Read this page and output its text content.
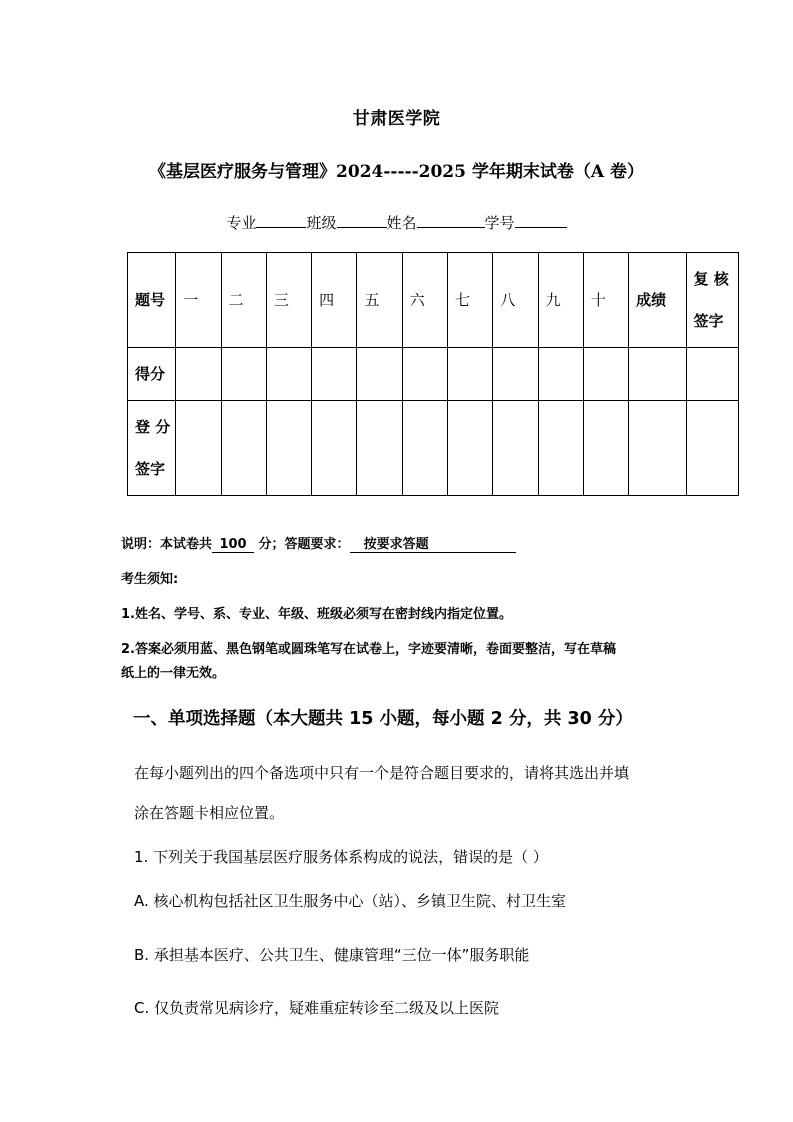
甘肃医学院
《基层医疗服务与管理》2024-----2025 学年期末试卷（A 卷）
专业	班级	姓名	学号
题号	一	二	三	四	五	六	七	八	九	十	成绩	复 核
签字

得分												

登 分
签字												

说明：本试卷共 100 分；答题要求： 按要求答题
考生须知:
1.姓名、学号、系、专业、年级、班级必须写在密封线内指定位置。
2.答案必须用蓝、黑色钢笔或圆珠笔写在试卷上，字迹要清晰，卷面要整洁，写在草稿
纸上的一律无效。
一、单项选择题（本大题共 15 小题，每小题 2 分，共 30 分）
在每小题列出的四个备选项中只有一个是符合题目要求的，请将其选出并填
涂在答题卡相应位置。
1. 下列关于我国基层医疗服务体系构成的说法，错误的是（ ）
A. 核心机构包括社区卫生服务中心（站）、乡镇卫生院、村卫生室
B. 承担基本医疗、公共卫生、健康管理“三位一体”服务职能
C. 仅负责常见病诊疗，疑难重症转诊至二级及以上医院
